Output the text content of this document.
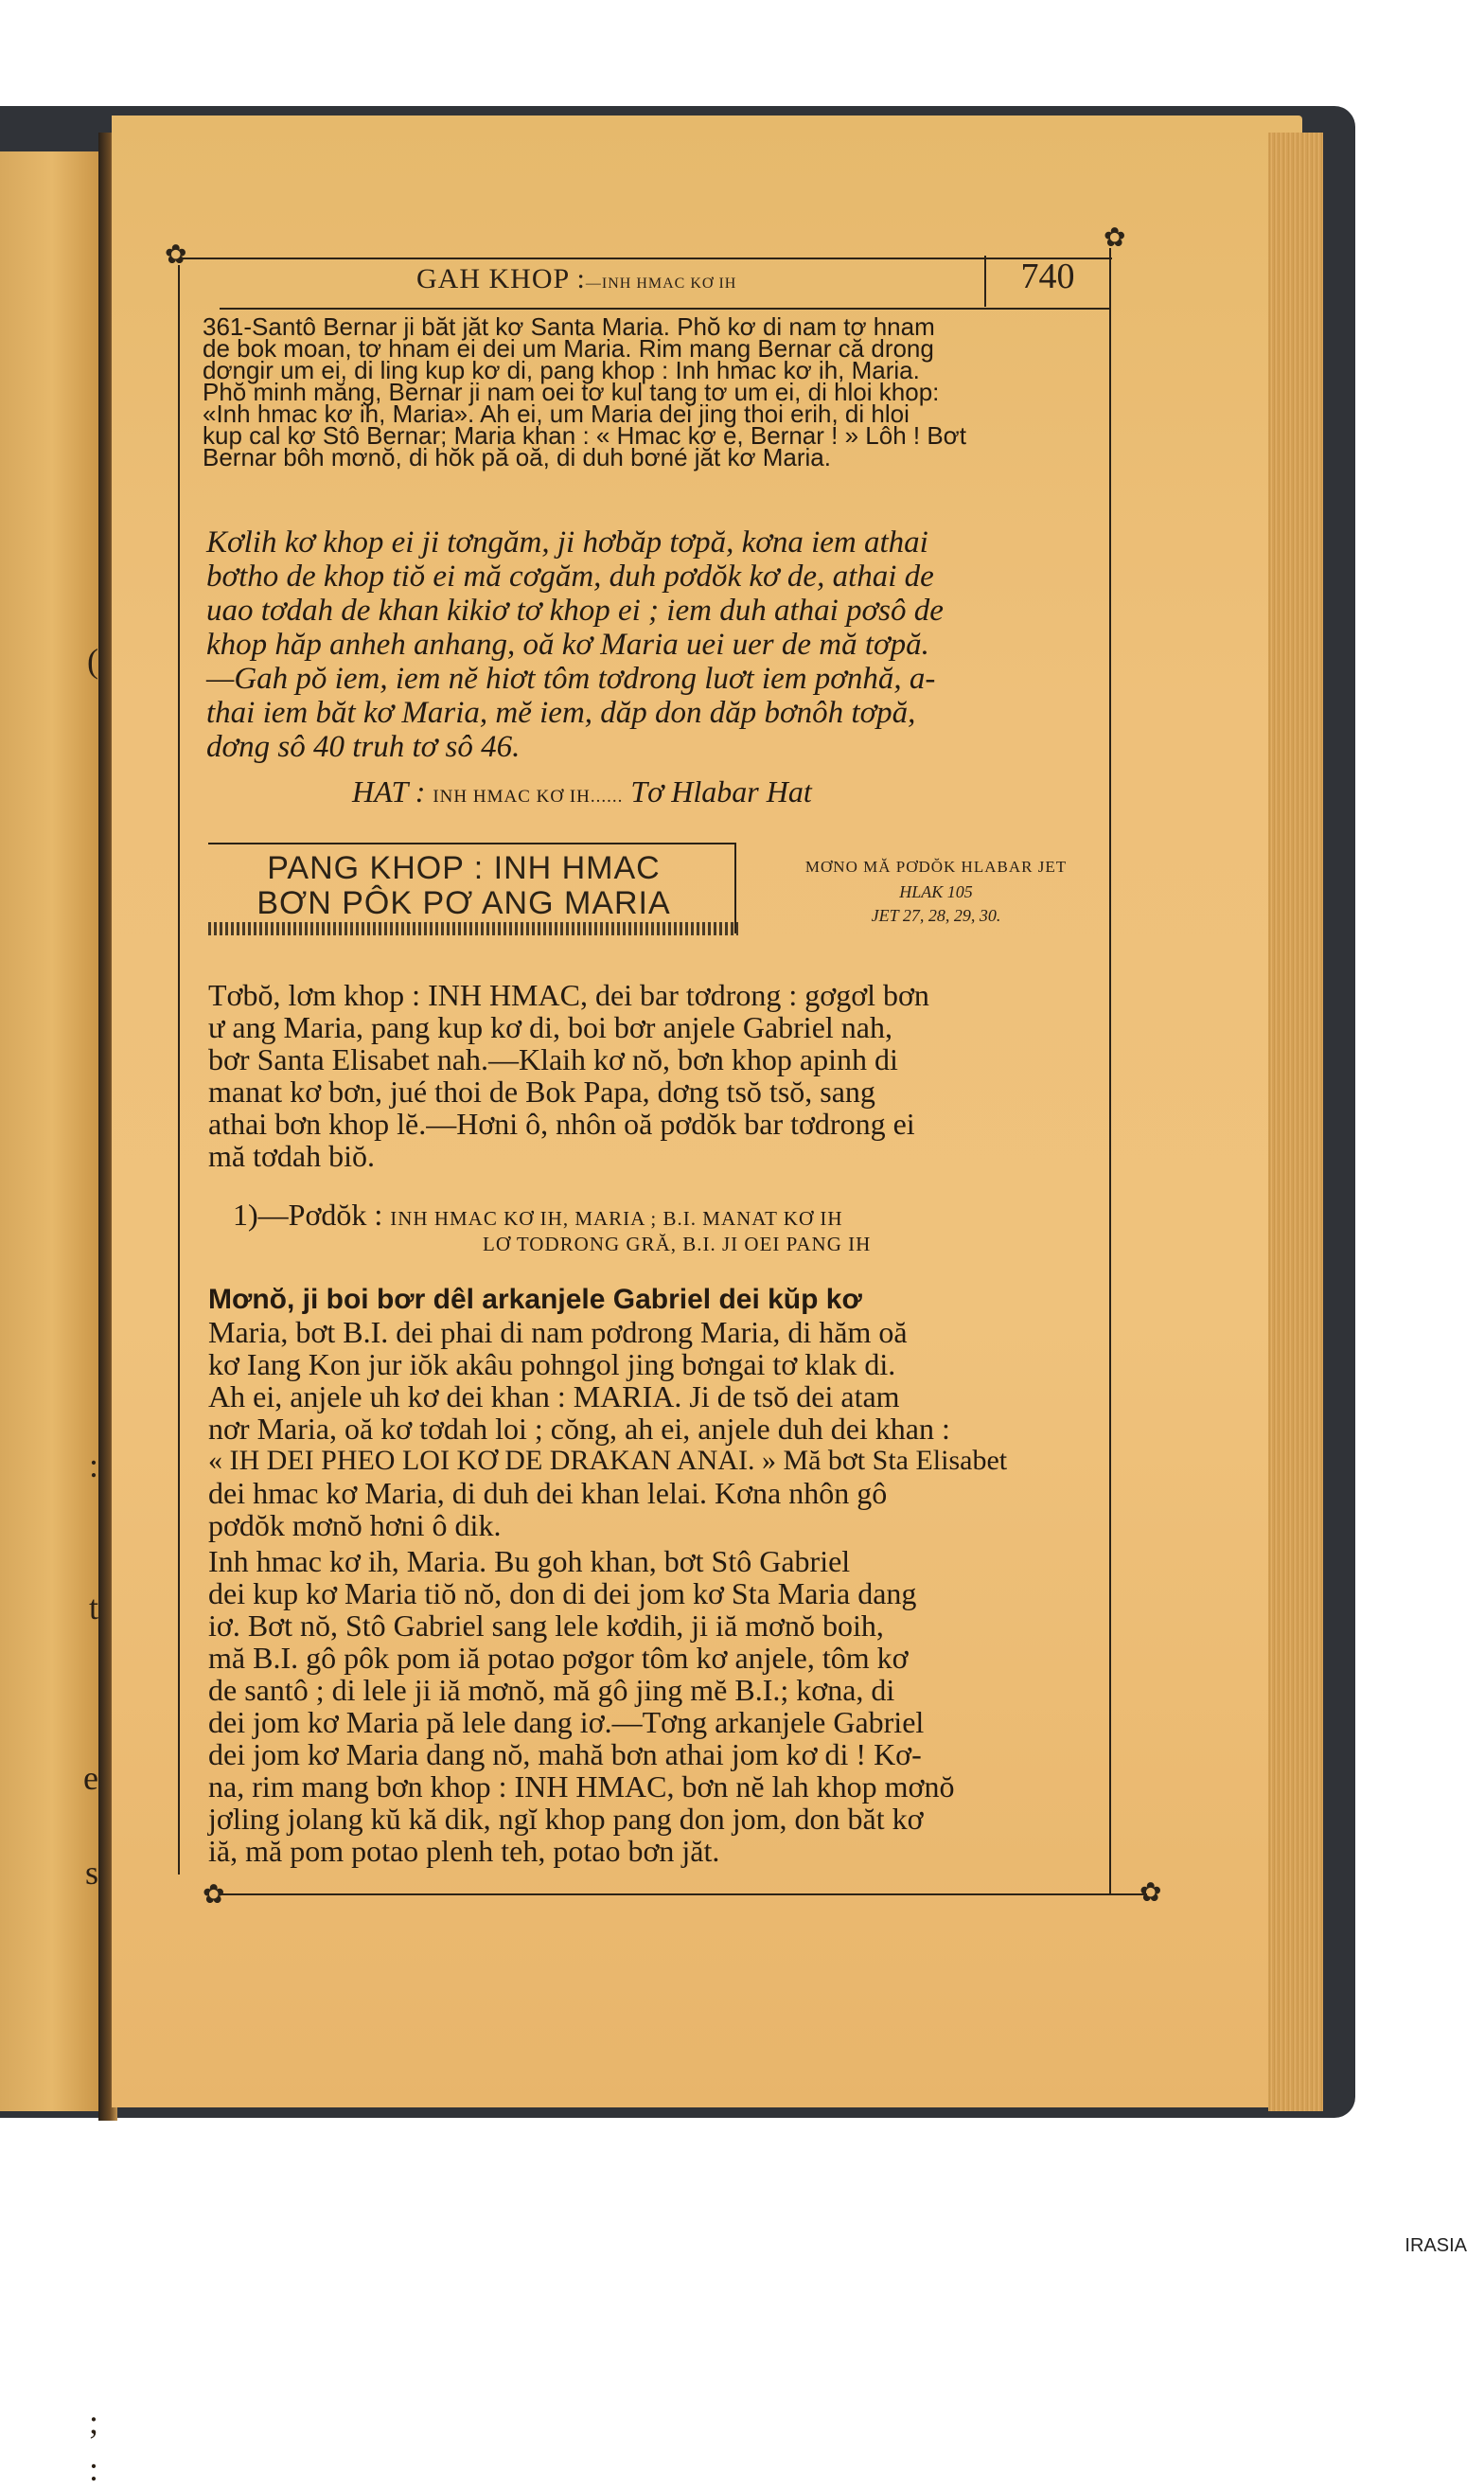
(
:
t
e
s
;
:
✿
✿
✿	✿
GAH KHOP :—INH HMAC KƠ IH	740
361-Santô Bernar ji băt jăt kơ Santa Maria. Phŏ kơ di nam tơ hnam
de bok moan, tơ hnam ei dei um Maria. Rim mang Bernar că drong
dơngir um ei, di ling kup kơ di, pang khop : Inh hmac kơ ih, Maria.
Phŏ minh măng, Bernar ji nam oei tơ kul tang tơ um ei, di hloi khop:
«Inh hmac kơ ih, Maria». Ah ei, um Maria dei jing thoi erih, di hloi
kup cal kơ Stô Bernar; Maria khan : « Hmac kơ e, Bernar ! » Lôh ! Bơt
Bernar bôh mơnŏ, di hŏk pă oă, di duh bơné jăt kơ Maria.
Kơlih kơ khop ei ji tơngăm, ji hơbăp tơpă, kơna iem athai
bơtho de khop tiŏ ei mă cơgăm, duh pơdŏk kơ de, athai de
uao tơdah de khan kikiơ tơ khop ei ; iem duh athai pơsô de
khop hăp anheh anhang, oă kơ Maria uei uer de mă tơpă.
—Gah pŏ iem, iem nĕ hiơt tôm tơdrong luơt iem pơnhă, a-
thai iem băt kơ Maria, mĕ iem, dăp don dăp bơnôh tơpă,
dơng sô 40 truh tơ sô 46.
HAT : INH HMAC KƠ IH...... Tơ Hlabar Hat
PANG KHOP : INH HMAC
BƠN PÔK PƠ ANG MARIA
MƠNO MĂ PƠDŎK HLABAR JET
HLAK 105
JET 27, 28, 29, 30.
Tơbŏ, lơm khop : INH HMAC, dei bar tơdrong : gơgơl bơn
ư ang Maria, pang kup kơ di, boi bơr anjele Gabriel nah,
bơr Santa Elisabet nah.—Klaih kơ nŏ, bơn khop apinh di
manat kơ bơn, jué thoi de Bok Papa, dơng tsŏ tsŏ, sang
athai bơn khop lĕ.—Hơni ô, nhôn oă pơdŏk bar tơdrong ei
mă tơdah biŏ.
1)—Pơdŏk : INH HMAC KƠ IH, MARIA ; B.I. MANAT KƠ IH
LƠ TODRONG GRĂ, B.I. JI OEI PANG IH
Mơnŏ, ji boi bơr dêl arkanjele Gabriel dei kŭp kơ
Maria, bơt B.I. dei phai di nam pơdrong Maria, di hăm oă
kơ Iang Kon jur iŏk akâu pohngol jing bơngai tơ klak di.
Ah ei, anjele uh kơ dei khan : MARIA. Ji de tsŏ dei atam
nơr Maria, oă kơ tơdah loi ; cŏng, ah ei, anjele duh dei khan :
« IH DEI PHEO LOI KƠ DE DRAKAN ANAI. » Mă bơt Sta Elisabet
dei hmac kơ Maria, di duh dei khan lelai. Kơna nhôn gô
pơdŏk mơnŏ hơni ô dik.
Inh hmac kơ ih, Maria. Bu goh khan, bơt Stô Gabriel
dei kup kơ Maria tiŏ nŏ, don di dei jom kơ Sta Maria dang
iơ. Bơt nŏ, Stô Gabriel sang lele kơdih, ji iă mơnŏ boih,
mă B.I. gô pôk pom iă potao pơgor tôm kơ anjele, tôm kơ
de santô ; di lele ji iă mơnŏ, mă gô jing mĕ B.I.; kơna, di
dei jom kơ Maria pă lele dang iơ.—Tơng arkanjele Gabriel
dei jom kơ Maria dang nŏ, mahă bơn athai jom kơ di ! Kơ-
na, rim mang bơn khop : INH HMAC, bơn nĕ lah khop mơnŏ
jơling jolang kŭ kă dik, ngĭ khop pang don jom, don băt kơ
iă, mă pom potao plenh teh, potao bơn jăt.
IRASIA
